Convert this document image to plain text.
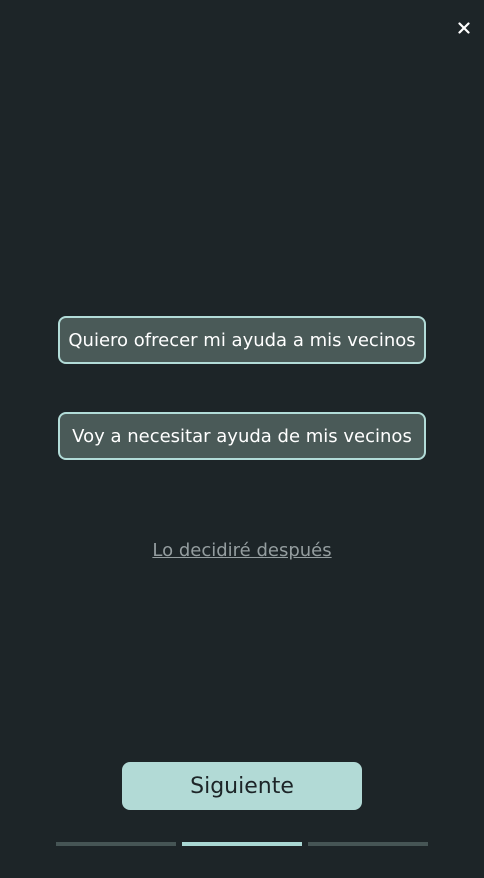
Quiero ofrecer mi ayuda a mis vecinos
Voy a necesitar ayuda de mis vecinos
Lo decidiré después
Siguiente
